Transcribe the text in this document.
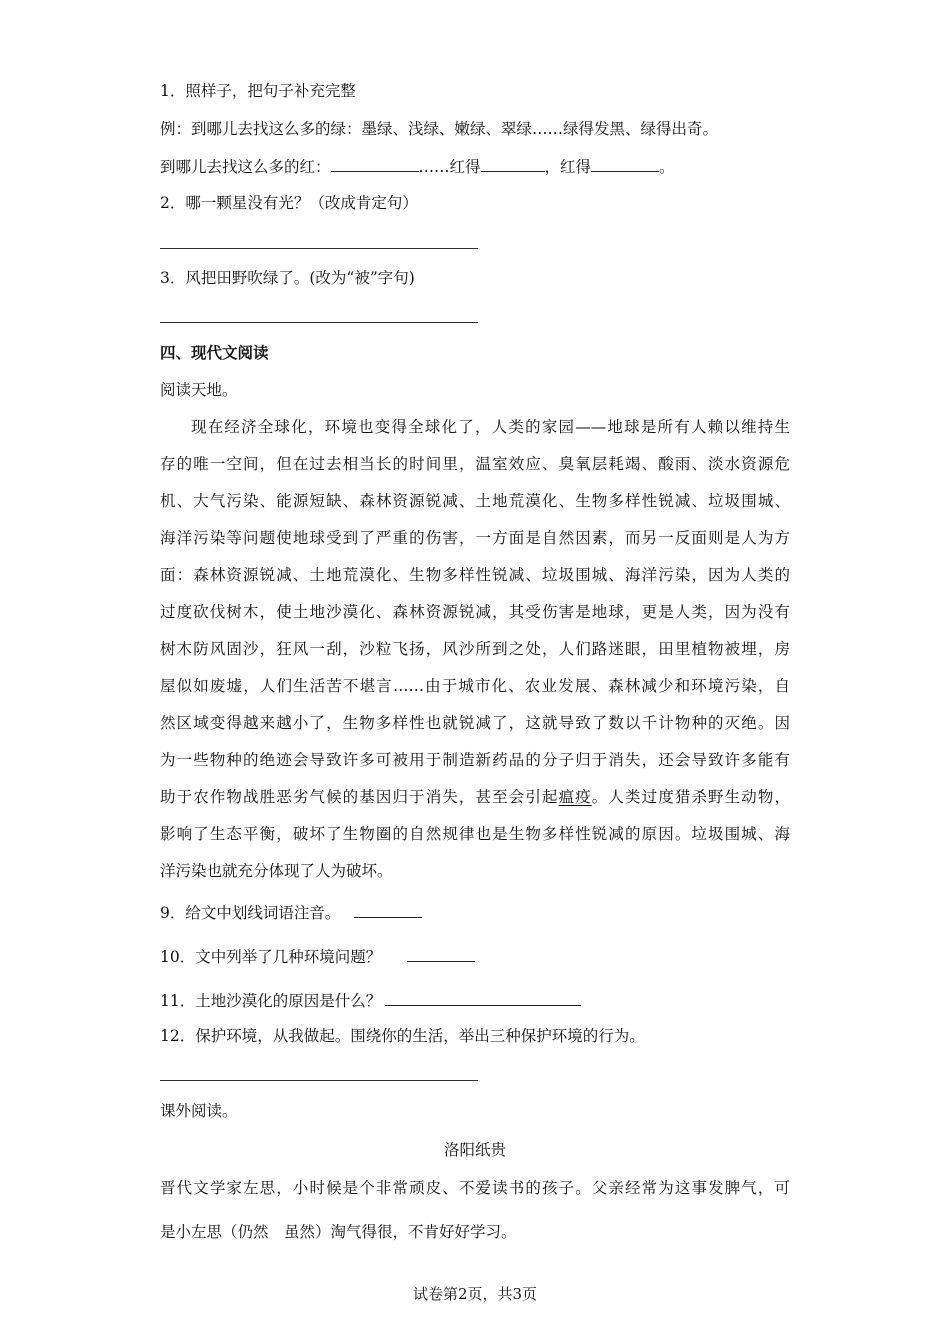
1．照样子，把句子补充完整
例：到哪儿去找这么多的绿：墨绿、浅绿、嫩绿、翠绿……绿得发黑、绿得出奇。
到哪儿去找这么多的红：	……红得	，红得	。
2．哪一颗星没有光？（改成肯定句）
3．风把田野吹绿了。(改为“被”字句)
四、现代文阅读
阅读天地。
现在经济全球化，环境也变得全球化了，人类的家园——地球是所有人赖以维持生
存的唯一空间，但在过去相当长的时间里，温室效应、臭氧层耗竭、酸雨、淡水资源危
机、大气污染、能源短缺、森林资源锐减、土地荒漠化、生物多样性锐减、垃圾围城、
海洋污染等问题使地球受到了严重的伤害，一方面是自然因素，而另一反面则是人为方
面：森林资源锐减、土地荒漠化、生物多样性锐减、垃圾围城、海洋污染，因为人类的
过度砍伐树木，使土地沙漠化、森林资源锐减，其受伤害是地球，更是人类，因为没有
树木防风固沙，狂风一刮，沙粒飞扬，风沙所到之处，人们路迷眼，田里植物被埋，房
屋似如废墟，人们生活苦不堪言……由于城市化、农业发展、森林减少和环境污染，自
然区域变得越来越小了，生物多样性也就锐减了，这就导致了数以千计物种的灭绝。因
为一些物种的绝迹会导致许多可被用于制造新药品的分子归于消失，还会导致许多能有
助于农作物战胜恶劣气候的基因归于消失，甚至会引起瘟疫。人类过度猎杀野生动物，
影响了生态平衡，破坏了生物圈的自然规律也是生物多样性锐减的原因。垃圾围城、海
洋污染也就充分体现了人为破坏。
9．给文中划线词语注音。
10．文中列举了几种环境问题？
11．土地沙漠化的原因是什么？
12．保护环境，从我做起。围绕你的生活，举出三种保护环境的行为。
课外阅读。
洛阳纸贵
晋代文学家左思，小时候是个非常顽皮、不爱读书的孩子。父亲经常为这事发脾气，可
是小左思（仍然　虽然）淘气得很，不肯好好学习。
试卷第2页，共3页
